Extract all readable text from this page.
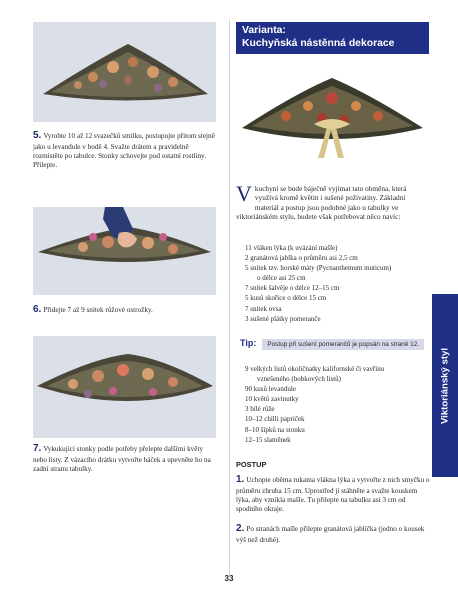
5. Vyrobte 10 až 12 svazečků smilku, postupujte přitom stejně jako u levandule v bodě 4. Svažte drátem a pravidelně rozmístěte po tabulce. Stonky schovejte pod ostatní rostliny. Přilepte.
6. Přidejte 7 až 9 snítek růžové ostrožky.
7. Vykukující stonky podle potřeby přelepte dalšími květy nebo listy. Z vázacího drátku vytvořte háček a upevněte ho na zadní stranu tabulky.
Varianta:
Kuchyňská nástěnná dekorace
Vkuchyni se bude báječně vyjímat tato obměna, která využívá kromě květin i sušené poživatiny. Základní materiál a postup jsou podobné jako u tabulky ve viktoriánském stylu, budete však potřebovat něco navíc:
11 vláken lýka (k uvázání mašle)
2 granátová jablka o průměru asi 2,5 cm
5 snítek tzv. horské máty (Pycnanthemum muticum)
o délce asi 25 cm
7 snítek šalvěje o délce 12–15 cm
5 kusů skořice o délce 15 cm
7 snítek ovsa
3 sušené plátky pomeranče
Tip: Postup při sušení pomerančů je popsán na straně 12.
9 velkých listů okoličnatky kalifornské či vavřínu
vznešeného (bobkových listů)
90 kusů levandule
10 květů zavinutky
3 bílé růže
10–12 chilli papriček
8–10 šípků na stonku
12–15 slaměnek
POSTUP
1. Uchopte oběma rukama vlákna lýka a vytvořte z nich smyčku o průměru zhruba 15 cm. Uprostřed ji stáhněte a svažte kouskem lýka, aby vznikla mašle. Tu přilepte na tabulku asi 3 cm od spodního okraje.
2. Po stranách mašle přilepte granátová jablíčka (jedno o kousek výš než druhé).
Viktoriánský styl
33
